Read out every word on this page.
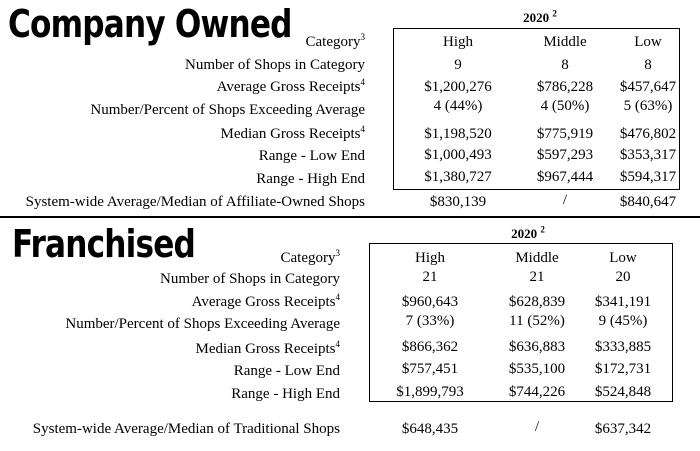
Company Owned	2020 $^2$
Category$^3$	High	Middle	Low
Number of Shops in Category	9	8	8
Average Gross Receipts$^4$	$1,200,276	$786,228	$457,647
Number/Percent of Shops Exceeding Average	4 (44%)	4 (50%)	5 (63%)
Median Gross Receipts$^4$	$1,198,520	$775,919	$476,802
Range - Low End	$1,000,493	$597,293	$353,317
Range - High End	$1,380,727	$967,444	$594,317
System-wide Average/Median of Affiliate-Owned Shops	$830,139	/	$840,647
Franchised	2020 $^2$
Category$^3$	High	Middle	Low
Number of Shops in Category	21	21	20
Average Gross Receipts$^4$	$960,643	$628,839	$341,191
Number/Percent of Shops Exceeding Average	7 (33%)	11 (52%)	9 (45%)
Median Gross Receipts$^4$	$866,362	$636,883	$333,885
Range - Low End	$757,451	$535,100	$172,731
Range - High End	$1,899,793	$744,226	$524,848
System-wide Average/Median of Traditional Shops	$648,435	/	$637,342
